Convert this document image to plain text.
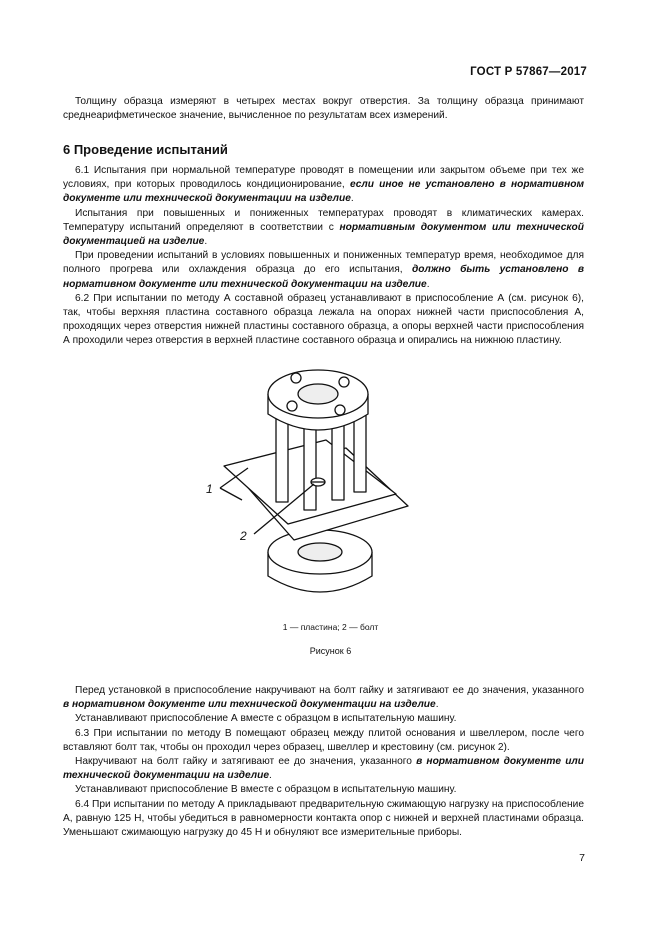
ГОСТ Р 57867—2017

Толщину образца измеряют в четырех местах вокруг отверстия. За толщину образца принимают среднеарифметическое значение, вычисленное по результатам всех измерений.

6 Проведение испытаний

6.1 Испытания при нормальной температуре проводят в помещении или закрытом объеме при тех же условиях, при которых проводилось кондиционирование, если иное не установлено в нормативном документе или технической документации на изделие.

Испытания при повышенных и пониженных температурах проводят в климатических камерах. Температуру испытаний определяют в соответствии с нормативным документом или технической документацией на изделие.

При проведении испытаний в условиях повышенных и пониженных температур время, необходимое для полного прогрева или охлаждения образца до его испытания, должно быть установлено в нормативном документе или технической документации на изделие.

6.2 При испытании по методу А составной образец устанавливают в приспособление А (см. рисунок 6), так, чтобы верхняя пластина составного образца лежала на опорах нижней части приспособления А, проходящих через отверстия нижней пластины составного образца, а опоры верхней части приспособления А проходили через отверстия в верхней пластине составного образца и опирались на нижнюю пластину.

1
2
1 — пластина; 2 — болт
Рисунок 6

Перед установкой в приспособление накручивают на болт гайку и затягивают ее до значения, указанного в нормативном документе или технической документации на изделие.

Устанавливают приспособление А вместе с образцом в испытательную машину.

6.3 При испытании по методу В помещают образец между плитой основания и швеллером, после чего вставляют болт так, чтобы он проходил через образец, швеллер и крестовину (см. рисунок 2).

Накручивают на болт гайку и затягивают ее до значения, указанного в нормативном документе или технической документации на изделие.

Устанавливают приспособление В вместе с образцом в испытательную машину.

6.4 При испытании по методу А прикладывают предварительную сжимающую нагрузку на приспособление А, равную 125 Н, чтобы убедиться в равномерности контакта опор с нижней и верхней пластинами образца. Уменьшают сжимающую нагрузку до 45 Н и обнуляют все измерительные приборы.

7
